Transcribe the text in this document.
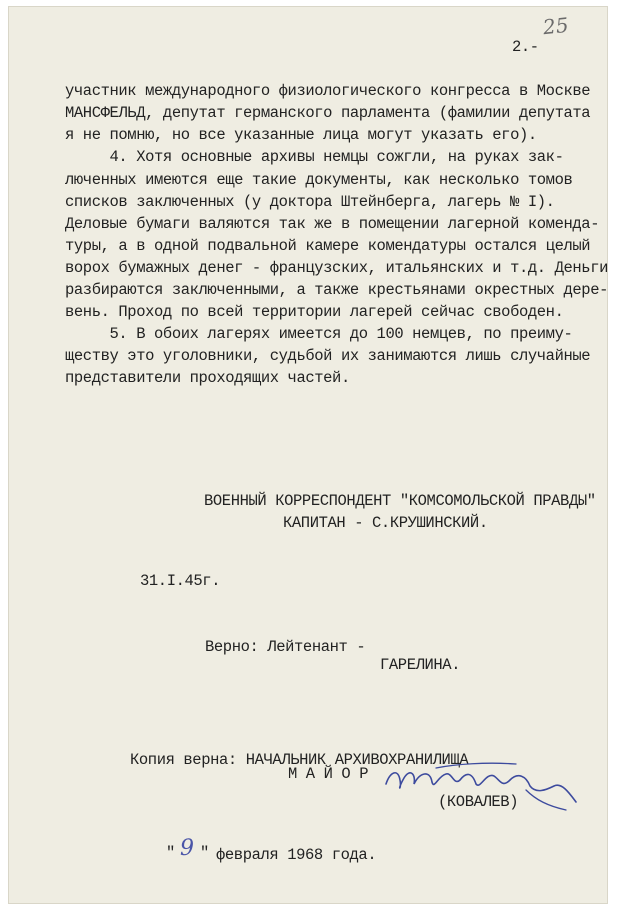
25
2.-
участник международного физиологического конгресса в Москве
МАНСФЕЛЬД, депутат германского парламента (фамилии депутата
я не помню, но все указанные лица могут указать его).
4. Хотя основные архивы немцы сожгли, на руках зак-
люченных имеются еще такие документы, как несколько томов
списков заключенных (у доктора Штейнберга, лагерь № I).
Деловые бумаги валяются так же в помещении лагерной коменда-
туры, а в одной подвальной камере комендатуры остался целый
ворох бумажных денег - французских, итальянских и т.д. Деньги
разбираются заключенными, а также крестьянами окрестных дере-
вень. Проход по всей территории лагерей сейчас свободен.
5. В обоих лагерях имеется до 100 немцев, по преиму-
ществу это уголовники, судьбой их занимаются лишь случайные
представители проходящих частей.
ВОЕННЫЙ КОРРЕСПОНДЕНТ "КОМСОМОЛЬСКОЙ ПРАВДЫ"
КАПИТАН - С.КРУШИНСКИЙ.
31.I.45г.
Верно: Лейтенант -
ГАРЕЛИНА.
Копия верна: НАЧАЛЬНИК АРХИВОХРАНИЛИЩА
М А Й О Р
(КОВАЛЕВ)
" 9 " февраля 1968 года.
